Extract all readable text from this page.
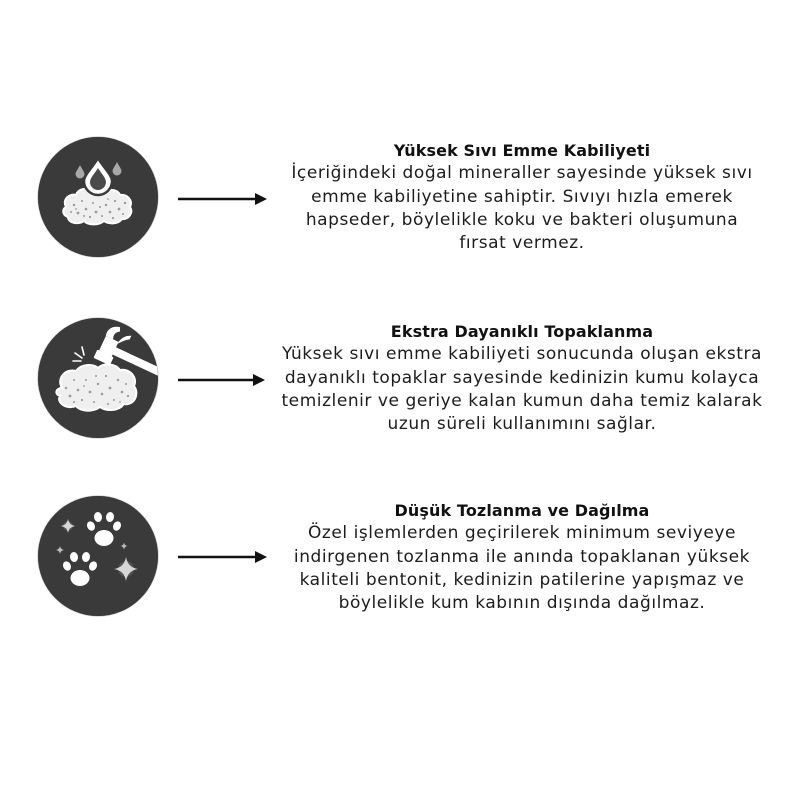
Yüksek Sıvı Emme Kabiliyeti
İçeriğindeki doğal mineraller sayesinde yüksek sıvı
emme kabiliyetine sahiptir. Sıvıyı hızla emerek
hapseder, böylelikle koku ve bakteri oluşumuna
fırsat vermez.
Ekstra Dayanıklı Topaklanma
Yüksek sıvı emme kabiliyeti sonucunda oluşan ekstra
dayanıklı topaklar sayesinde kedinizin kumu kolayca
temizlenir ve geriye kalan kumun daha temiz kalarak
uzun süreli kullanımını sağlar.
Düşük Tozlanma ve Dağılma
Özel işlemlerden geçirilerek minimum seviyeye
indirgenen tozlanma ile anında topaklanan yüksek
kaliteli bentonit, kedinizin patilerine yapışmaz ve
böylelikle kum kabının dışında dağılmaz.
